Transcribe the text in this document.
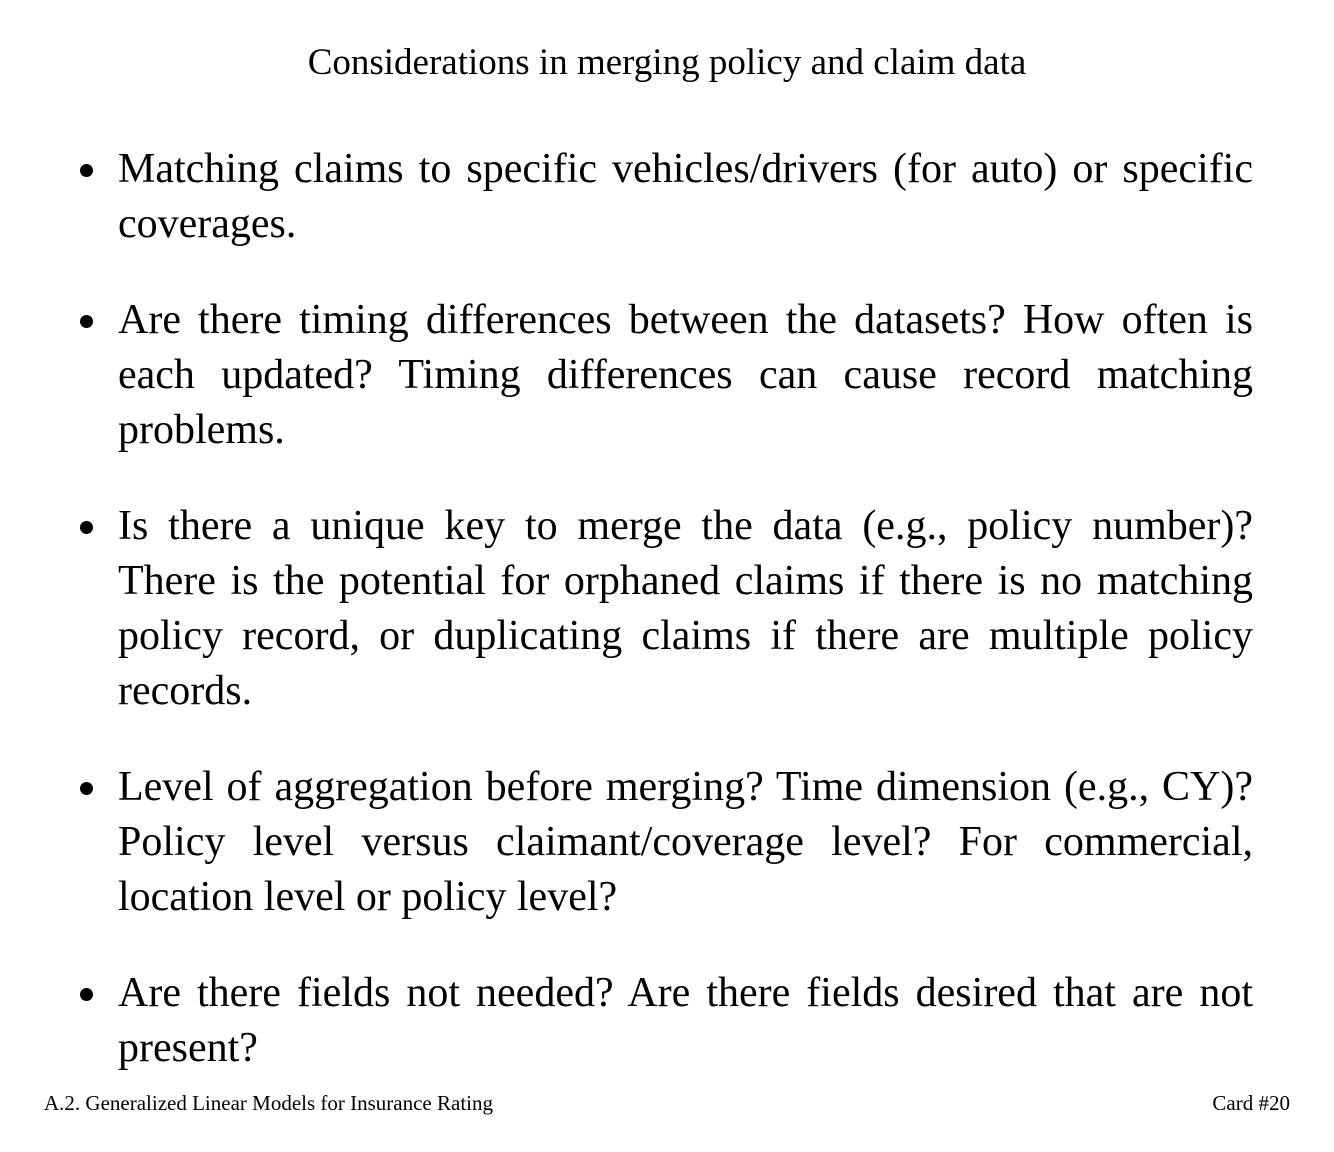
Considerations in merging policy and claim data
Matching claims to specific vehicles/drivers (for auto) or specific coverages.
Are there timing differences between the datasets? How often is each updated? Timing differences can cause record matching problems.
Is there a unique key to merge the data (e.g., policy number)? There is the potential for orphaned claims if there is no matching policy record, or duplicating claims if there are multiple policy records.
Level of aggregation before merging? Time dimension (e.g., CY)? Policy level versus claimant/coverage level? For commercial, location level or policy level?
Are there fields not needed? Are there fields desired that are not present?
A.2. Generalized Linear Models for Insurance Rating	Card #20
